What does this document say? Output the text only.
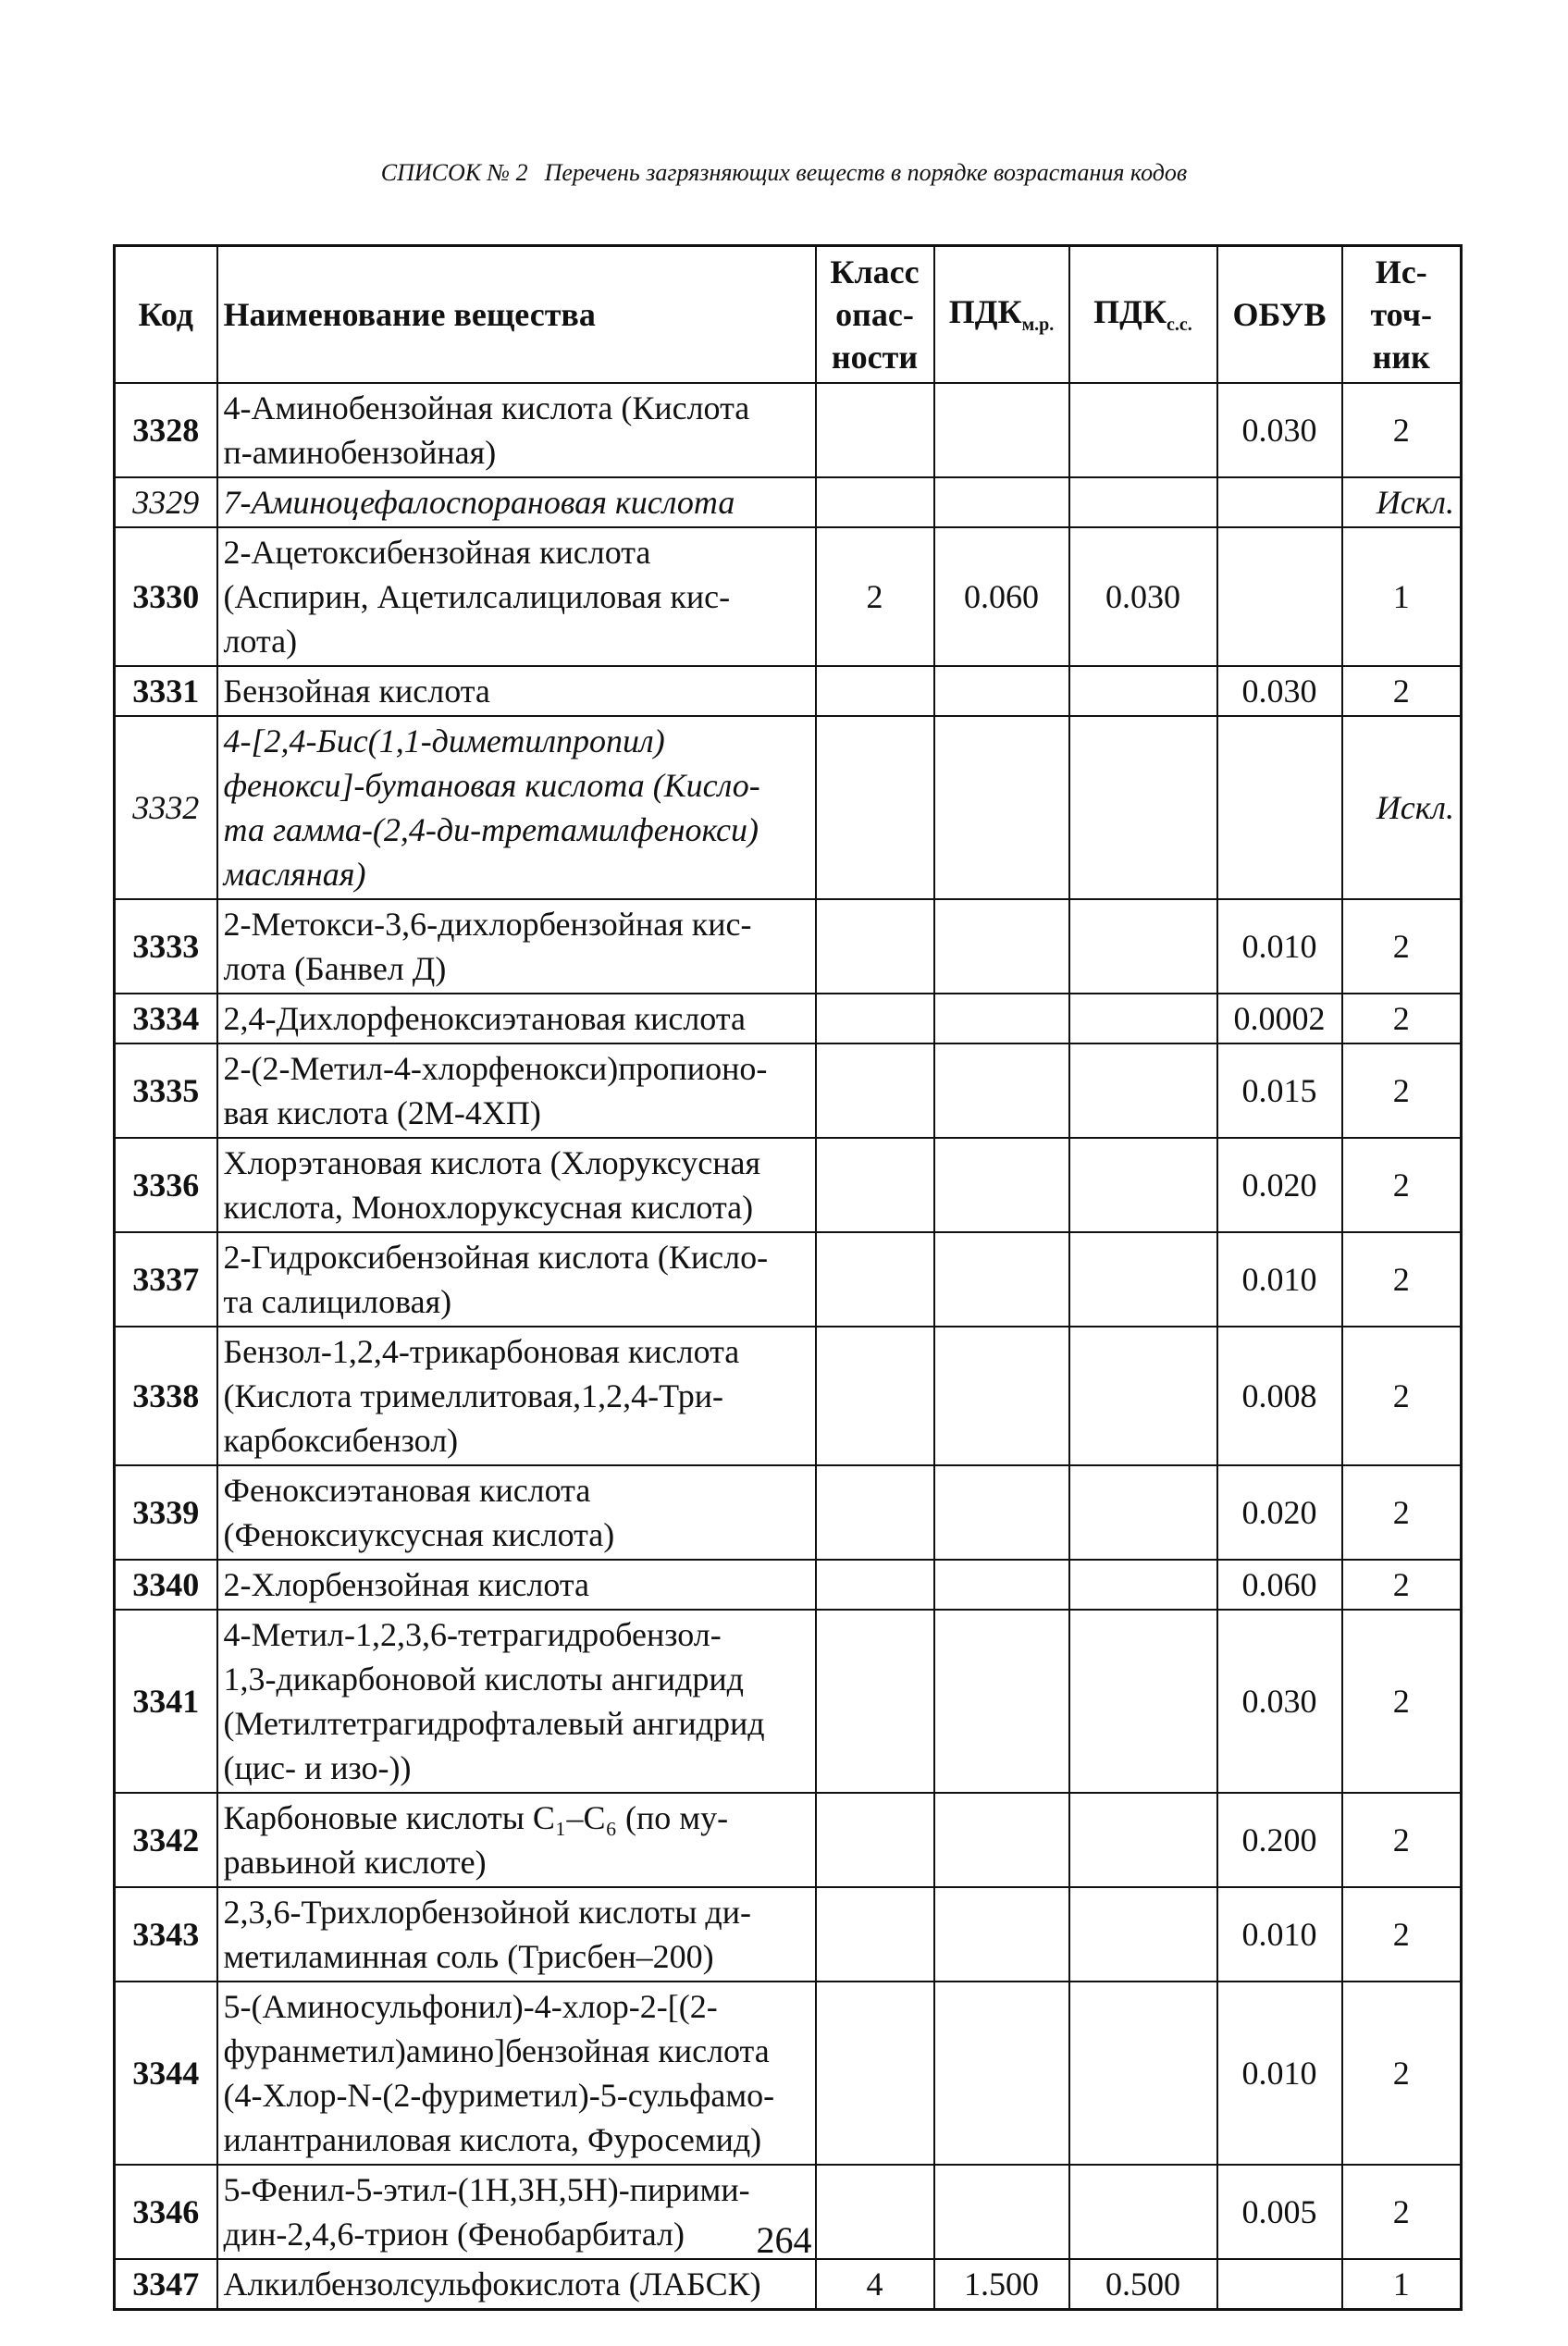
СПИСОК № 2 Перечень загрязняющих веществ в порядке возрастания кодов
Код	Наименование вещества	Класс
опас-
ности	$ПДК_{м.р.}$	$ПДК_{с.с.}$	ОБУВ	Ис-
точ-
ник
3328	4-Аминобензойная кислота (Кислота
п-аминобензойная)				0.030	2
3329	7-Аминоцефалоспорановая кислота					Искл.
3330	2-Ацетоксибензойная кислота
(Аспирин, Ацетилсалициловая кис-
лота)	2	0.060	0.030		1
3331	Бензойная кислота				0.030	2
3332	4-[2,4-Бис(1,1-диметилпропил)
фенокси]-бутановая кислота (Кисло-
та гамма-(2,4-ди-третамилфенокси)
масляная)					Искл.
3333	2-Метокси-3,6-дихлорбензойная кис-
лота (Банвел Д)				0.010	2
3334	2,4-Дихлорфеноксиэтановая кислота				0.0002	2
3335	2-(2-Метил-4-хлорфенокси)пропионо-
вая кислота (2М-4ХП)				0.015	2
3336	Хлорэтановая кислота (Хлоруксусная
кислота, Монохлоруксусная кислота)				0.020	2
3337	2-Гидроксибензойная кислота (Кисло-
та салициловая)				0.010	2
3338	Бензол-1,2,4-трикарбоновая кислота
(Кислота тримеллитовая,1,2,4-Три-
карбоксибензол)				0.008	2
3339	Феноксиэтановая кислота
(Феноксиуксусная кислота)				0.020	2
3340	2-Хлорбензойная кислота				0.060	2
3341	4-Метил-1,2,3,6-тетрагидробензол-
1,3-дикарбоновой кислоты ангидрид
(Метилтетрагидрофталевый ангидрид
(цис- и изо-))				0.030	2
3342	Карбоновые кислоты C₁–C₆ (по му-
равьиной кислоте)				0.200	2
3343	2,3,6-Трихлорбензойной кислоты ди-
метиламинная соль (Трисбен–200)				0.010	2
3344	5-(Аминосульфонил)-4-хлор-2-[(2-
фуранметил)амино]бензойная кислота
(4-Хлор-N-(2-фуриметил)-5-сульфамо-
илантраниловая кислота, Фуросемид)				0.010	2
3346	5-Фенил-5-этил-(1Н,3Н,5Н)-пирими-
дин-2,4,6-трион (Фенобарбитал)				0.005	2
3347	Алкилбензолсульфокислота (ЛАБСК)	4	1.500	0.500		1
264
